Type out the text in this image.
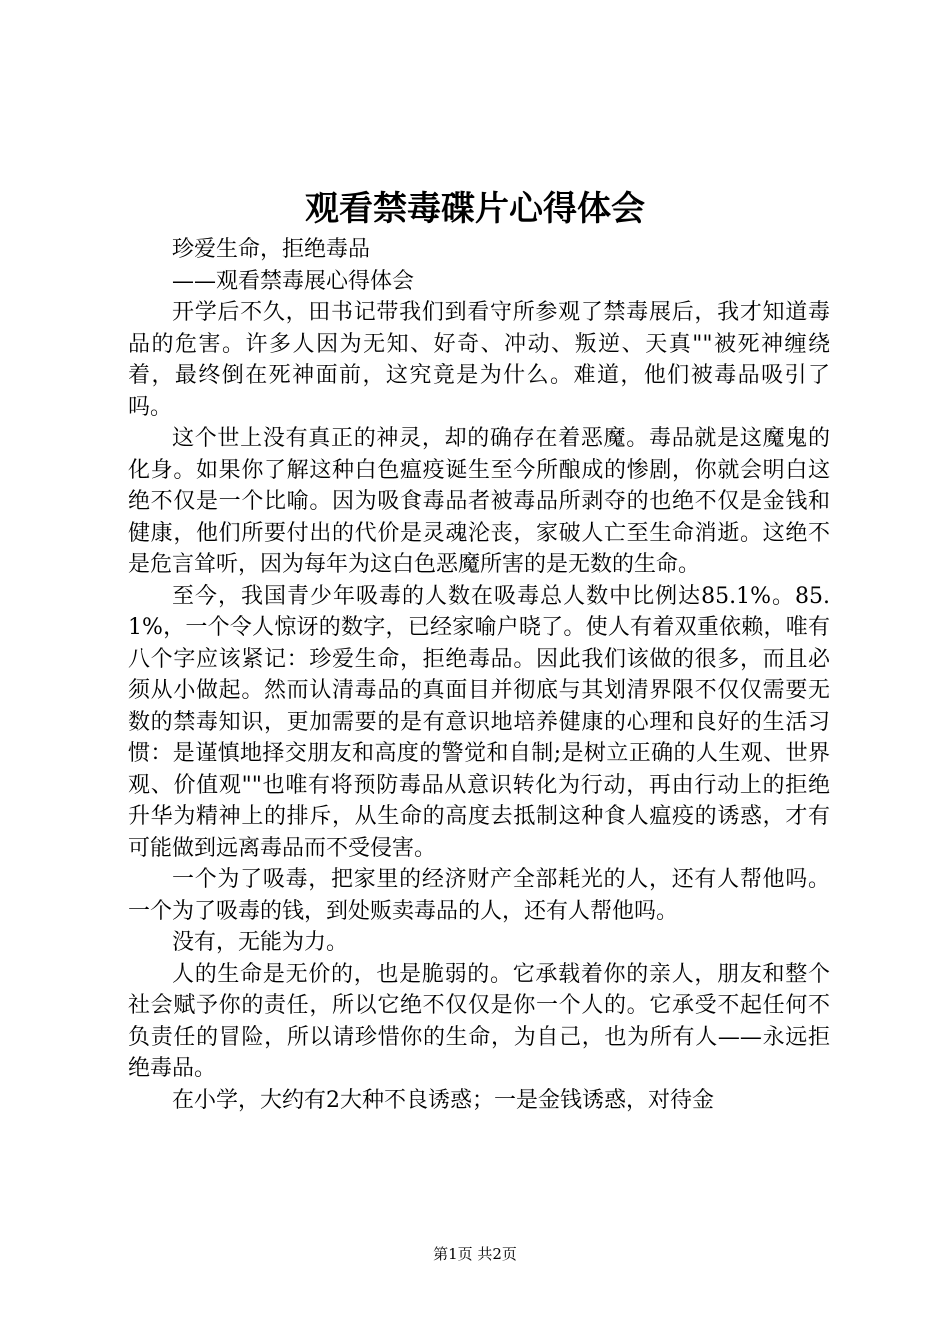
观看禁毒碟片心得体会

珍爱生命，拒绝毒品

——观看禁毒展心得体会

开学后不久，田书记带我们到看守所参观了禁毒展后，我才知道毒品的危害。许多人因为无知、好奇、冲动、叛逆、天真""被死神缠绕着，最终倒在死神面前，这究竟是为什么。难道，他们被毒品吸引了吗。

这个世上没有真正的神灵，却的确存在着恶魔。毒品就是这魔鬼的化身。如果你了解这种白色瘟疫诞生至今所酿成的惨剧，你就会明白这绝不仅是一个比喻。因为吸食毒品者被毒品所剥夺的也绝不仅是金钱和健康，他们所要付出的代价是灵魂沦丧，家破人亡至生命消逝。这绝不是危言耸听，因为每年为这白色恶魔所害的是无数的生命。

至今，我国青少年吸毒的人数在吸毒总人数中比例达85.1%。85.1%，一个令人惊讶的数字，已经家喻户晓了。使人有着双重依赖，唯有八个字应该紧记：珍爱生命，拒绝毒品。因此我们该做的很多，而且必须从小做起。然而认清毒品的真面目并彻底与其划清界限不仅仅需要无数的禁毒知识，更加需要的是有意识地培养健康的心理和良好的生活习惯：是谨慎地择交朋友和高度的警觉和自制;是树立正确的人生观、世界观、价值观""也唯有将预防毒品从意识转化为行动，再由行动上的拒绝升华为精神上的排斥，从生命的高度去抵制这种食人瘟疫的诱惑，才有可能做到远离毒品而不受侵害。

一个为了吸毒，把家里的经济财产全部耗光的人，还有人帮他吗。一个为了吸毒的钱，到处贩卖毒品的人，还有人帮他吗。

没有，无能为力。

人的生命是无价的，也是脆弱的。它承载着你的亲人，朋友和整个社会赋予你的责任，所以它绝不仅仅是你一个人的。它承受不起任何不负责任的冒险，所以请珍惜你的生命，为自己，也为所有人——永远拒绝毒品。

在小学，大约有2大种不良诱惑；一是金钱诱惑，对待金

第1页 共2页
